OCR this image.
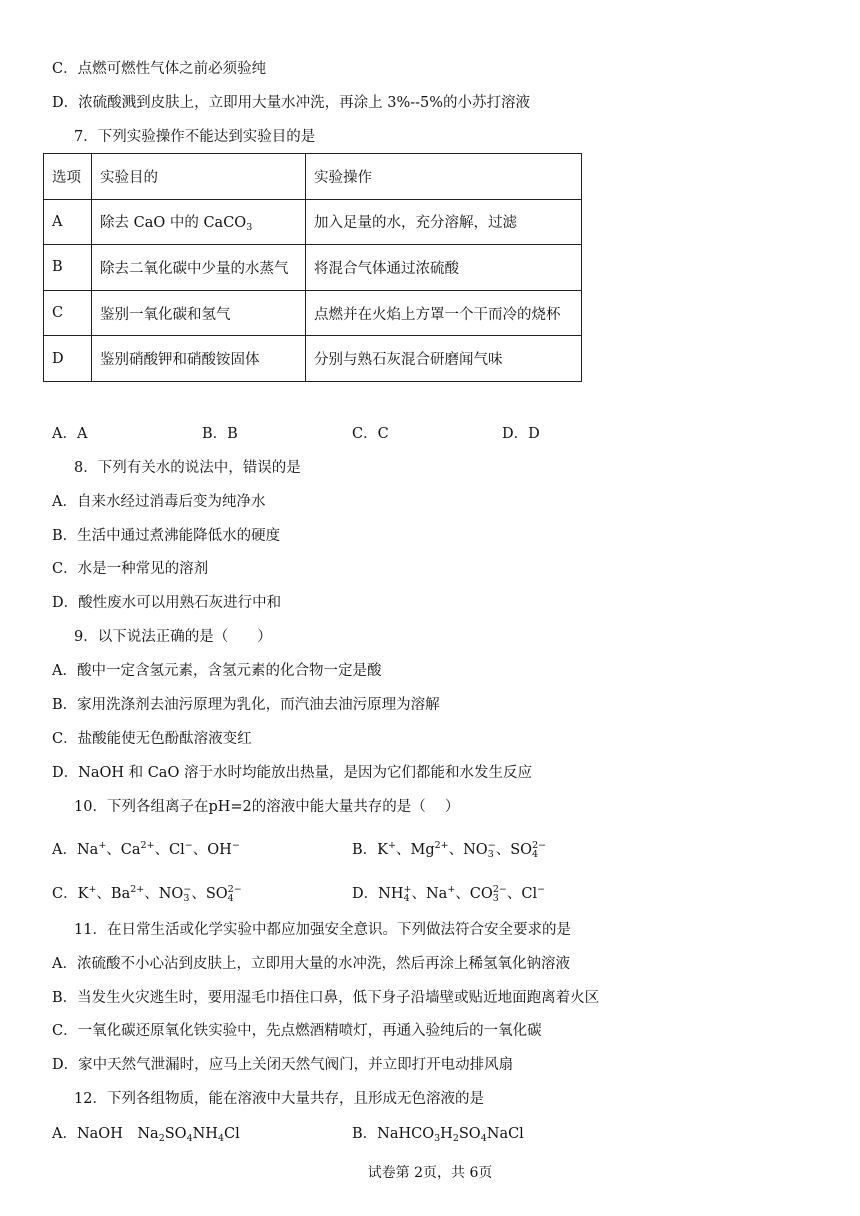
C．点燃可燃性气体之前必须验纯
D．浓硫酸溅到皮肤上，立即用大量水冲洗，再涂上 3%--5%的小苏打溶液
7．下列实验操作不能达到实验目的是
选项	实验目的	实验操作
A	除去 CaO 中的 CaCO$_3$	加入足量的水，充分溶解，过滤
B	除去二氧化碳中少量的水蒸气	将混合气体通过浓硫酸
C	鉴别一氧化碳和氢气	点燃并在火焰上方罩一个干而冷的烧杯
D	鉴别硝酸钾和硝酸铵固体	分别与熟石灰混合研磨闻气味
A．A	B．B	C．C	D．D
8．下列有关水的说法中，错误的是
A．自来水经过消毒后变为纯净水
B．生活中通过煮沸能降低水的硬度
C．水是一种常见的溶剂
D．酸性废水可以用熟石灰进行中和
9．以下说法正确的是（　　）
A．酸中一定含氢元素，含氢元素的化合物一定是酸
B．家用洗涤剂去油污原理为乳化，而汽油去油污原理为溶解
C．盐酸能使无色酚酞溶液变红
D．NaOH 和 CaO 溶于水时均能放出热量，是因为它们都能和水发生反应
10．下列各组离子在pH=2的溶液中能大量共存的是（　 ）
A．Na+、$Ca^{2+}$、Cl−、OH−	B．K+、$Mg^{2+}$、$NO_3^-$、$SO_4^{2-}$
C．K+、$Ba^{2+}$、$NO_3^-$、$SO_4^{2-}$	D．$NH_4^+$、Na+、$CO_3^{2-}$、Cl−
11．在日常生活或化学实验中都应加强安全意识。下列做法符合安全要求的是
A．浓硫酸不小心沾到皮肤上，立即用大量的水冲洗，然后再涂上稀氢氧化钠溶液
B．当发生火灾逃生时，要用湿毛巾捂住口鼻，低下身子沿墙壁或贴近地面跑离着火区
C．一氧化碳还原氧化铁实验中，先点燃酒精喷灯，再通入验纯后的一氧化碳
D．家中天然气泄漏时，应马上关闭天然气阀门，并立即打开电动排风扇
12．下列各组物质，能在溶液中大量共存，且形成无色溶液的是
A．NaOH　$Na_2SO_4NH_4Cl$	B．$NaHCO_3H_2SO_4NaCl$
试卷第 2页，共 6页
